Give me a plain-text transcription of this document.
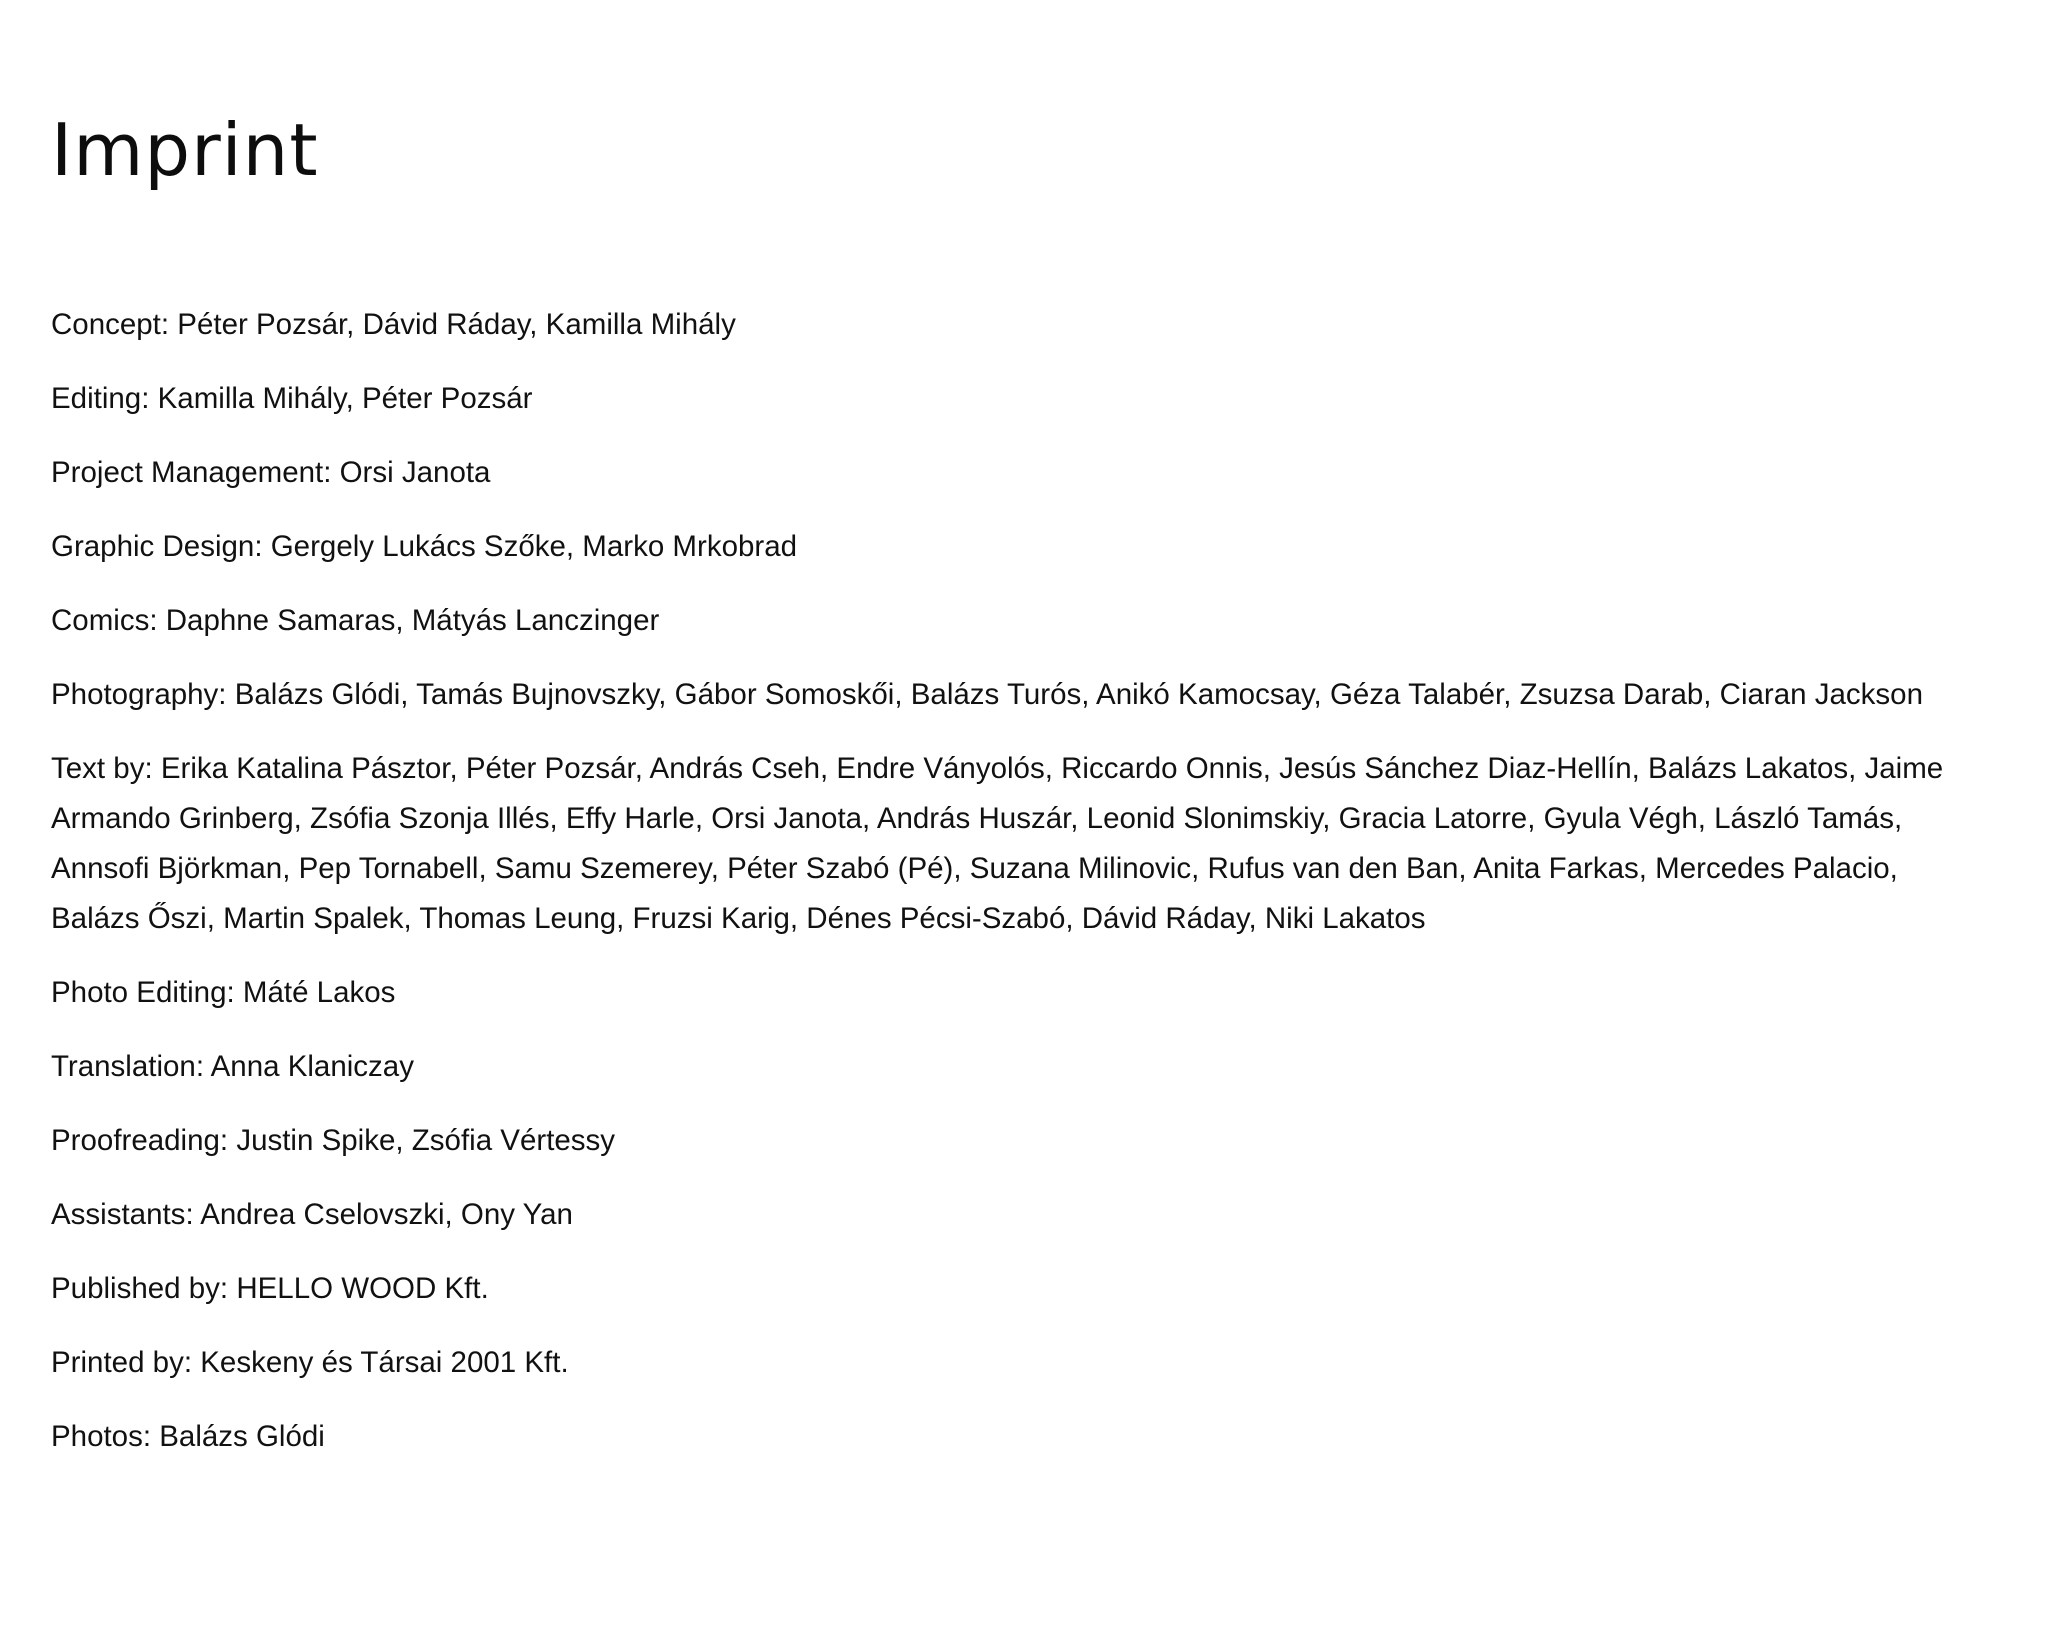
Imprint

Concept: Péter Pozsár, Dávid Ráday, Kamilla Mihály

Editing: Kamilla Mihály, Péter Pozsár

Project Management: Orsi Janota

Graphic Design: Gergely Lukács Szőke, Marko Mrkobrad

Comics: Daphne Samaras, Mátyás Lanczinger

Photography: Balázs Glódi, Tamás Bujnovszky, Gábor Somoskői, Balázs Turós, Anikó Kamocsay, Géza Talabér, Zsuzsa Darab, Ciaran Jackson

Text by: Erika Katalina Pásztor, Péter Pozsár, András Cseh, Endre Ványolós, Riccardo Onnis, Jesús Sánchez Diaz-Hellín, Balázs Lakatos, Jaime Armando Grinberg, Zsófia Szonja Illés, Effy Harle, Orsi Janota, András Huszár, Leonid Slonimskiy, Gracia Latorre, Gyula Végh, László Tamás, Annsofi Björkman, Pep Tornabell, Samu Szemerey, Péter Szabó (Pé), Suzana Milinovic, Rufus van den Ban, Anita Farkas, Mercedes Palacio, Balázs Őszi, Martin Spalek, Thomas Leung, Fruzsi Karig, Dénes Pécsi-Szabó, Dávid Ráday, Niki Lakatos

Photo Editing: Máté Lakos

Translation: Anna Klaniczay

Proofreading: Justin Spike, Zsófia Vértessy

Assistants: Andrea Cselovszki, Ony Yan

Published by: HELLO WOOD Kft.

Printed by: Keskeny és Társai 2001 Kft.

Photos: Balázs Glódi
